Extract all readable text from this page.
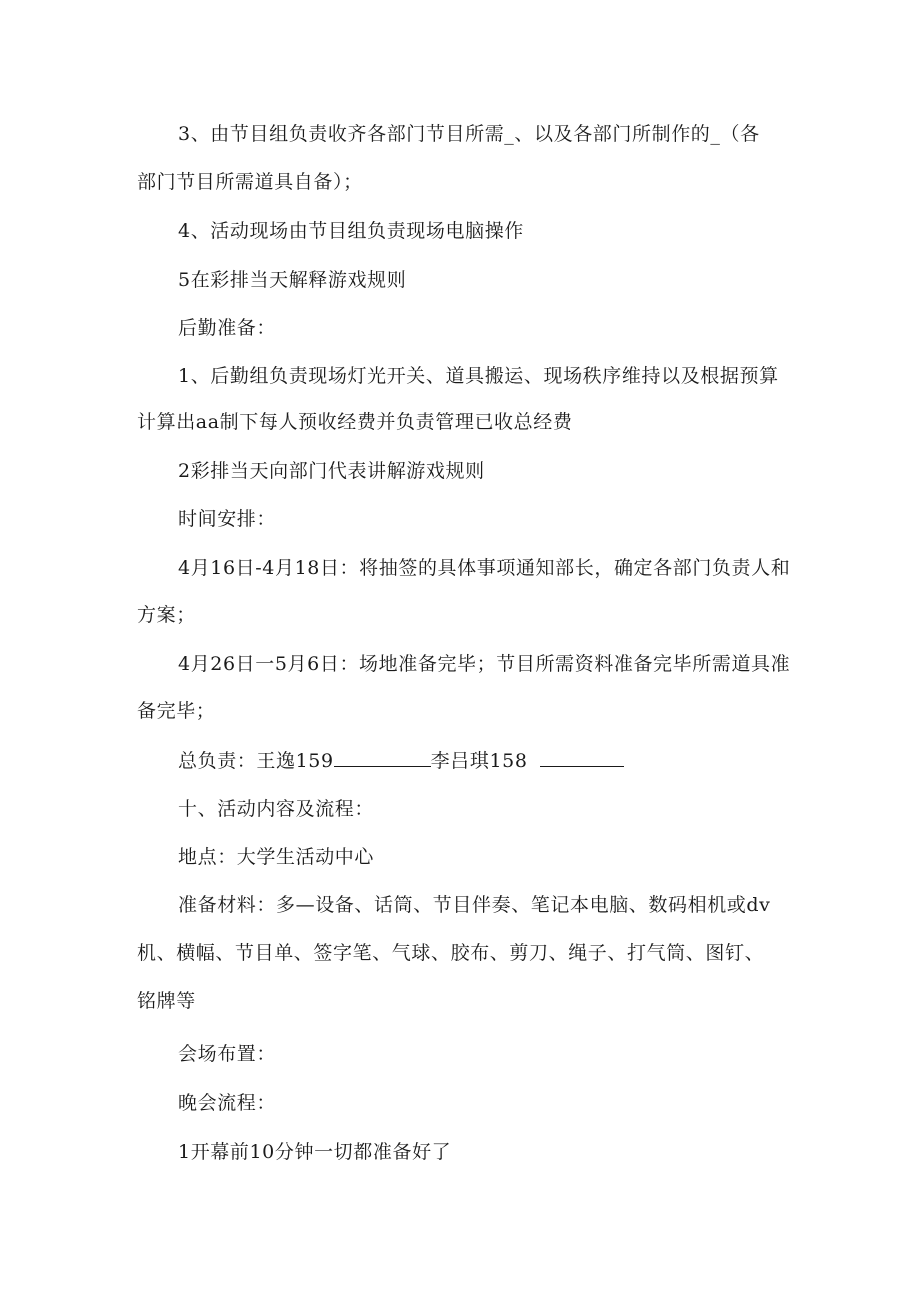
3、由节目组负责收齐各部门节目所需_、以及各部门所制作的_（各
部门节目所需道具自备）；
4、活动现场由节目组负责现场电脑操作
5在彩排当天解释游戏规则
后勤准备：
1、后勤组负责现场灯光开关、道具搬运、现场秩序维持以及根据预算
计算出aa制下每人预收经费并负责管理已收总经费
2彩排当天向部门代表讲解游戏规则
时间安排：
4月16日-4月18日：将抽签的具体事项通知部长，确定各部门负责人和
方案；
4月26日一5月6日：场地准备完毕；节目所需资料准备完毕所需道具准
备完毕；
总负责：王逸159	李吕琪158
十、活动内容及流程：
地点：大学生活动中心
准备材料：多—设备、话筒、节目伴奏、笔记本电脑、数码相机或dv
机、横幅、节目单、签字笔、气球、胶布、剪刀、绳子、打气筒、图钉、
铭牌等
会场布置：
晚会流程：
1开幕前10分钟一切都准备好了
